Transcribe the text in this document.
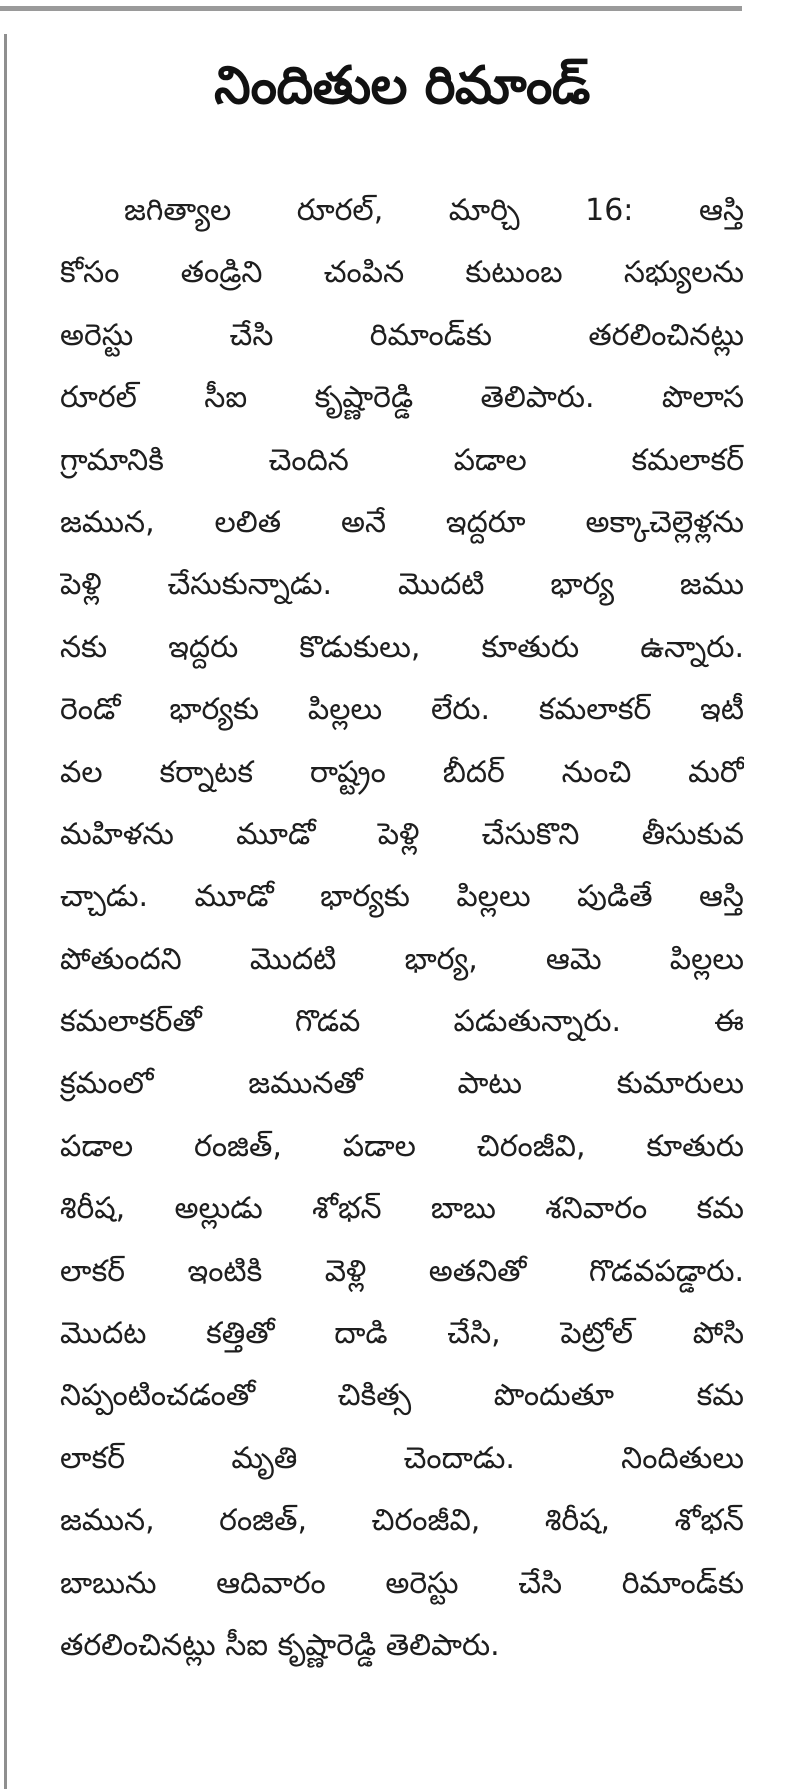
నిందితుల రిమాండ్
జగిత్యాల రూరల్, మార్చి 16: ఆస్తి
కోసం తండ్రిని చంపిన కుటుంబ సభ్యులను
అరెస్టు చేసి రిమాండ్‌కు తరలించినట్లు
రూరల్ సీఐ కృష్ణారెడ్డి తెలిపారు. పొలాస
గ్రామానికి చెందిన పడాల కమలాకర్
జమున, లలిత అనే ఇద్దరూ అక్కాచెల్లెళ్లను
పెళ్లి చేసుకున్నాడు. మొదటి భార్య జము
నకు ఇద్దరు కొడుకులు, కూతురు ఉన్నారు.
రెండో భార్యకు పిల్లలు లేరు. కమలాకర్ ఇటీ
వల కర్నాటక రాష్ట్రం బీదర్ నుంచి మరో
మహిళను మూడో పెళ్లి చేసుకొని తీసుకువ
చ్చాడు. మూడో భార్యకు పిల్లలు పుడితే ఆస్తి
పోతుందని మొదటి భార్య, ఆమె పిల్లలు
కమలాకర్‌తో గొడవ పడుతున్నారు. ఈ
క్రమంలో జమునతో పాటు కుమారులు
పడాల రంజిత్, పడాల చిరంజీవి, కూతురు
శిరీష, అల్లుడు శోభన్ బాబు శనివారం కమ
లాకర్ ఇంటికి వెళ్లి అతనితో గొడవపడ్డారు.
మొదట కత్తితో దాడి చేసి, పెట్రోల్ పోసి
నిప్పంటించడంతో చికిత్స పొందుతూ కమ
లాకర్ మృతి చెందాడు. నిందితులు
జమున, రంజిత్, చిరంజీవి, శిరీష, శోభన్
బాబును ఆదివారం అరెస్టు చేసి రిమాండ్‌కు
తరలించినట్లు సీఐ కృష్ణారెడ్డి తెలిపారు.
